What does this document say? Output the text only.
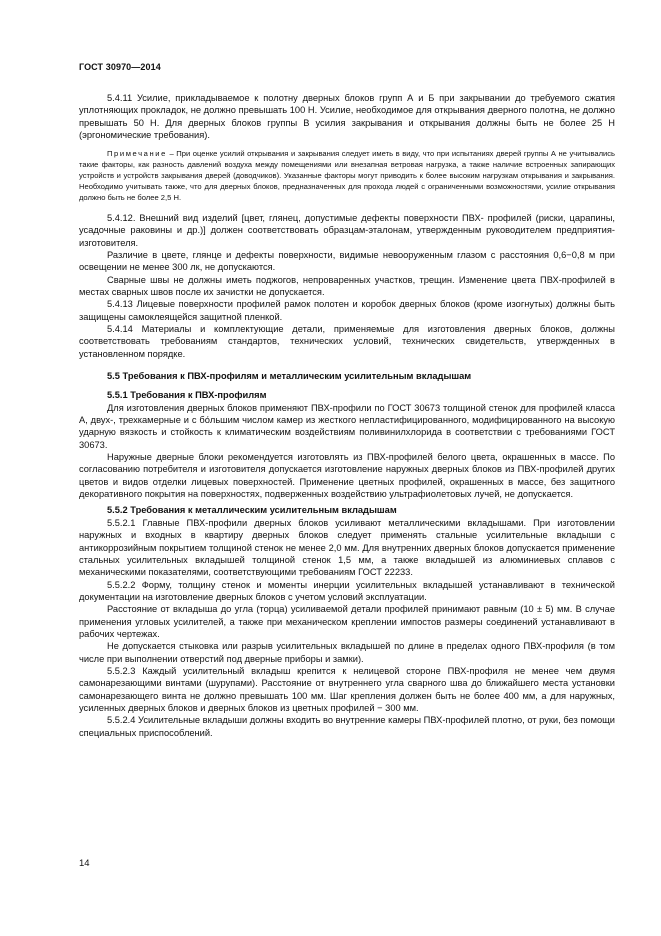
ГОСТ 30970—2014

5.4.11 Усилие, прикладываемое к полотну дверных блоков групп А и Б при закрывании до требуемого сжатия уплотняющих прокладок, не должно превышать 100 Н. Усилие, необходимое для открывания дверного полотна, не должно превышать 50 Н. Для дверных блоков группы В усилия закрывания и открывания должны быть не более 25 Н (эргономические требования).

Примечание – При оценке усилий открывания и закрывания следует иметь в виду, что при испытаниях дверей группы А не учитывались такие факторы, как разность давлений воздуха между помещениями или внезапная ветровая нагрузка, а также наличие встроенных запирающих устройств и устройств закрывания дверей (доводчиков). Указанные факторы могут приводить к более высоким нагрузкам открывания и закрывания. Необходимо учитывать также, что для дверных блоков, предназначенных для прохода людей с ограниченными возможностями, усилие открывания должно быть не более 2,5 Н.

5.4.12. Внешний вид изделий [цвет, глянец, допустимые дефекты поверхности ПВХ- профилей (риски, царапины, усадочные раковины и др.)] должен соответствовать образцам-эталонам, утвержденным руководителем предприятия-изготовителя.

Различие в цвете, глянце и дефекты поверхности, видимые невооруженным глазом с расстояния 0,6−0,8 м при освещении не менее 300 лк, не допускаются.

Сварные швы не должны иметь поджогов, непроваренных участков, трещин. Изменение цвета ПВХ-профилей в местах сварных швов после их зачистки не допускается.

5.4.13 Лицевые поверхности профилей рамок полотен и коробок дверных блоков (кроме изогнутых) должны быть защищены самоклеящейся защитной пленкой.

5.4.14 Материалы и комплектующие детали, применяемые для изготовления дверных блоков, должны соответствовать требованиям стандартов, технических условий, технических свидетельств, утвержденных в установленном порядке.

5.5 Требования к ПВХ-профилям и металлическим усилительным вкладышам

5.5.1 Требования к ПВХ-профилям

Для изготовления дверных блоков применяют ПВХ-профили по ГОСТ 30673 толщиной стенок для профилей класса А, двух-, трехкамерные и с бо́льшим числом камер из жесткого непластифицированного, модифицированного на высокую ударную вязкость и стойкость к климатическим воздействиям поливинилхлорида в соответствии с требованиями ГОСТ 30673.

Наружные дверные блоки рекомендуется изготовлять из ПВХ-профилей белого цвета, окрашенных в массе. По согласованию потребителя и изготовителя допускается изготовление наружных дверных блоков из ПВХ-профилей других цветов и видов отделки лицевых поверхностей. Применение цветных профилей, окрашенных в массе, без защитного декоративного покрытия на поверхностях, подверженных воздействию ультрафиолетовых лучей, не допускается.

5.5.2 Требования к металлическим усилительным вкладышам

5.5.2.1 Главные ПВХ-профили дверных блоков усиливают металлическими вкладышами. При изготовлении наружных и входных в квартиру дверных блоков следует применять стальные усилительные вкладыши с антикоррозийным покрытием толщиной стенок не менее 2,0 мм. Для внутренних дверных блоков допускается применение стальных усилительных вкладышей толщиной стенок 1,5 мм, а также вкладышей из алюминиевых сплавов с механическими показателями, соответствующими требованиям ГОСТ 22233.

5.5.2.2 Форму, толщину стенок и моменты инерции усилительных вкладышей устанавливают в технической документации на изготовление дверных блоков с учетом условий эксплуатации.

Расстояние от вкладыша до угла (торца) усиливаемой детали профилей принимают равным (10 ± 5) мм. В случае применения угловых усилителей, а также при механическом креплении импостов размеры соединений устанавливают в рабочих чертежах.

Не допускается стыковка или разрыв усилительных вкладышей по длине в пределах одного ПВХ-профиля (в том числе при выполнении отверстий под дверные приборы и замки).

5.5.2.3 Каждый усилительный вкладыш крепится к нелицевой стороне ПВХ-профиля не менее чем двумя самонарезающими винтами (шурупами). Расстояние от внутреннего угла сварного шва до ближайшего места установки самонарезающего винта не должно превышать 100 мм. Шаг крепления должен быть не более 400 мм, а для наружных, усиленных дверных блоков и дверных блоков из цветных профилей − 300 мм.

5.5.2.4 Усилительные вкладыши должны входить во внутренние камеры ПВХ-профилей плотно, от руки, без помощи специальных приспособлений.

14
